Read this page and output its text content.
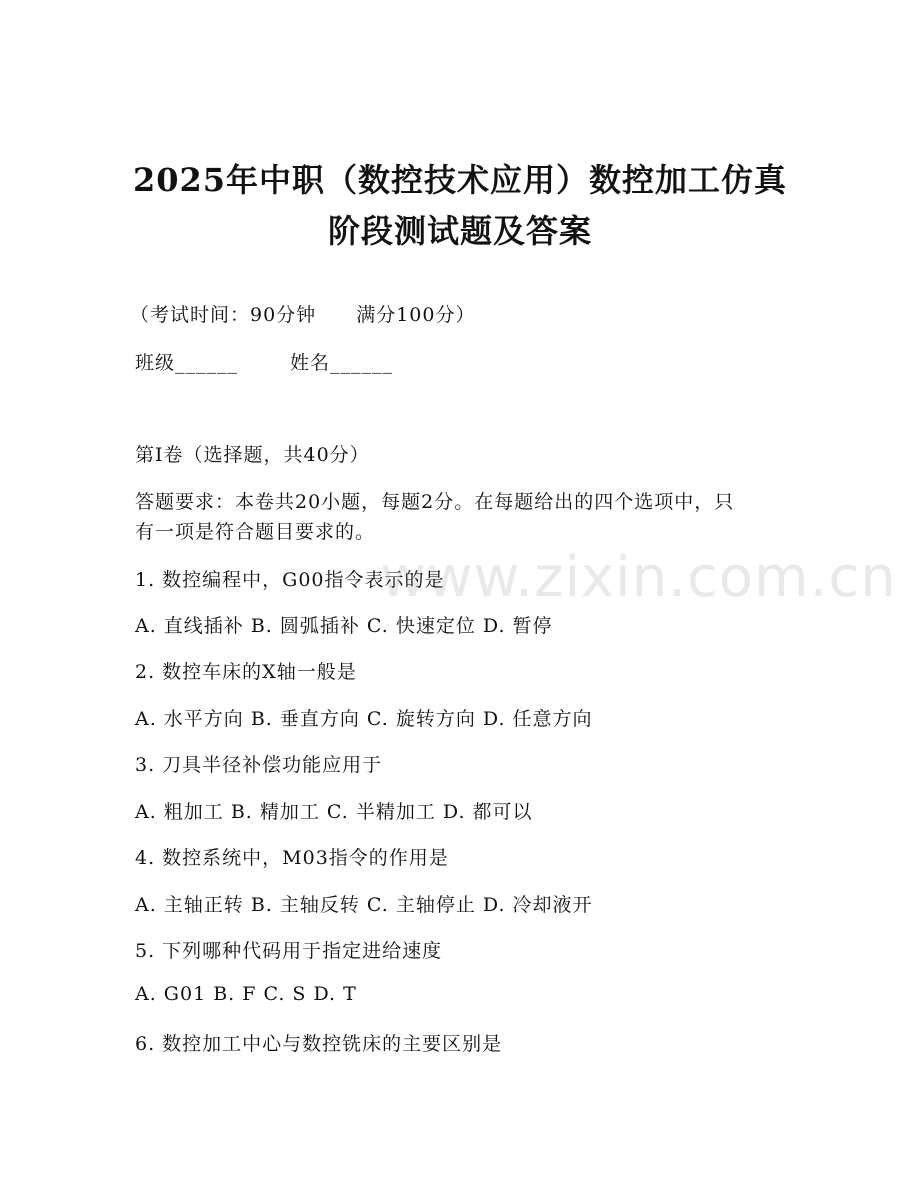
www.zixin.com.cn
2025年中职（数控技术应用）数控加工仿真
阶段测试题及答案
（考试时间：90分钟 满分100分）
班级______	姓名______
第I卷（选择题，共40分）
答题要求：本卷共20小题，每题2分。在每题给出的四个选项中，只
有一项是符合题目要求的。
1. 数控编程中，G00指令表示的是
A. 直线插补 B. 圆弧插补 C. 快速定位 D. 暂停
2. 数控车床的X轴一般是
A. 水平方向 B. 垂直方向 C. 旋转方向 D. 任意方向
3. 刀具半径补偿功能应用于
A. 粗加工 B. 精加工 C. 半精加工 D. 都可以
4. 数控系统中，M03指令的作用是
A. 主轴正转 B. 主轴反转 C. 主轴停止 D. 冷却液开
5. 下列哪种代码用于指定进给速度
A. G01 B. F C. S D. T
6. 数控加工中心与数控铣床的主要区别是
